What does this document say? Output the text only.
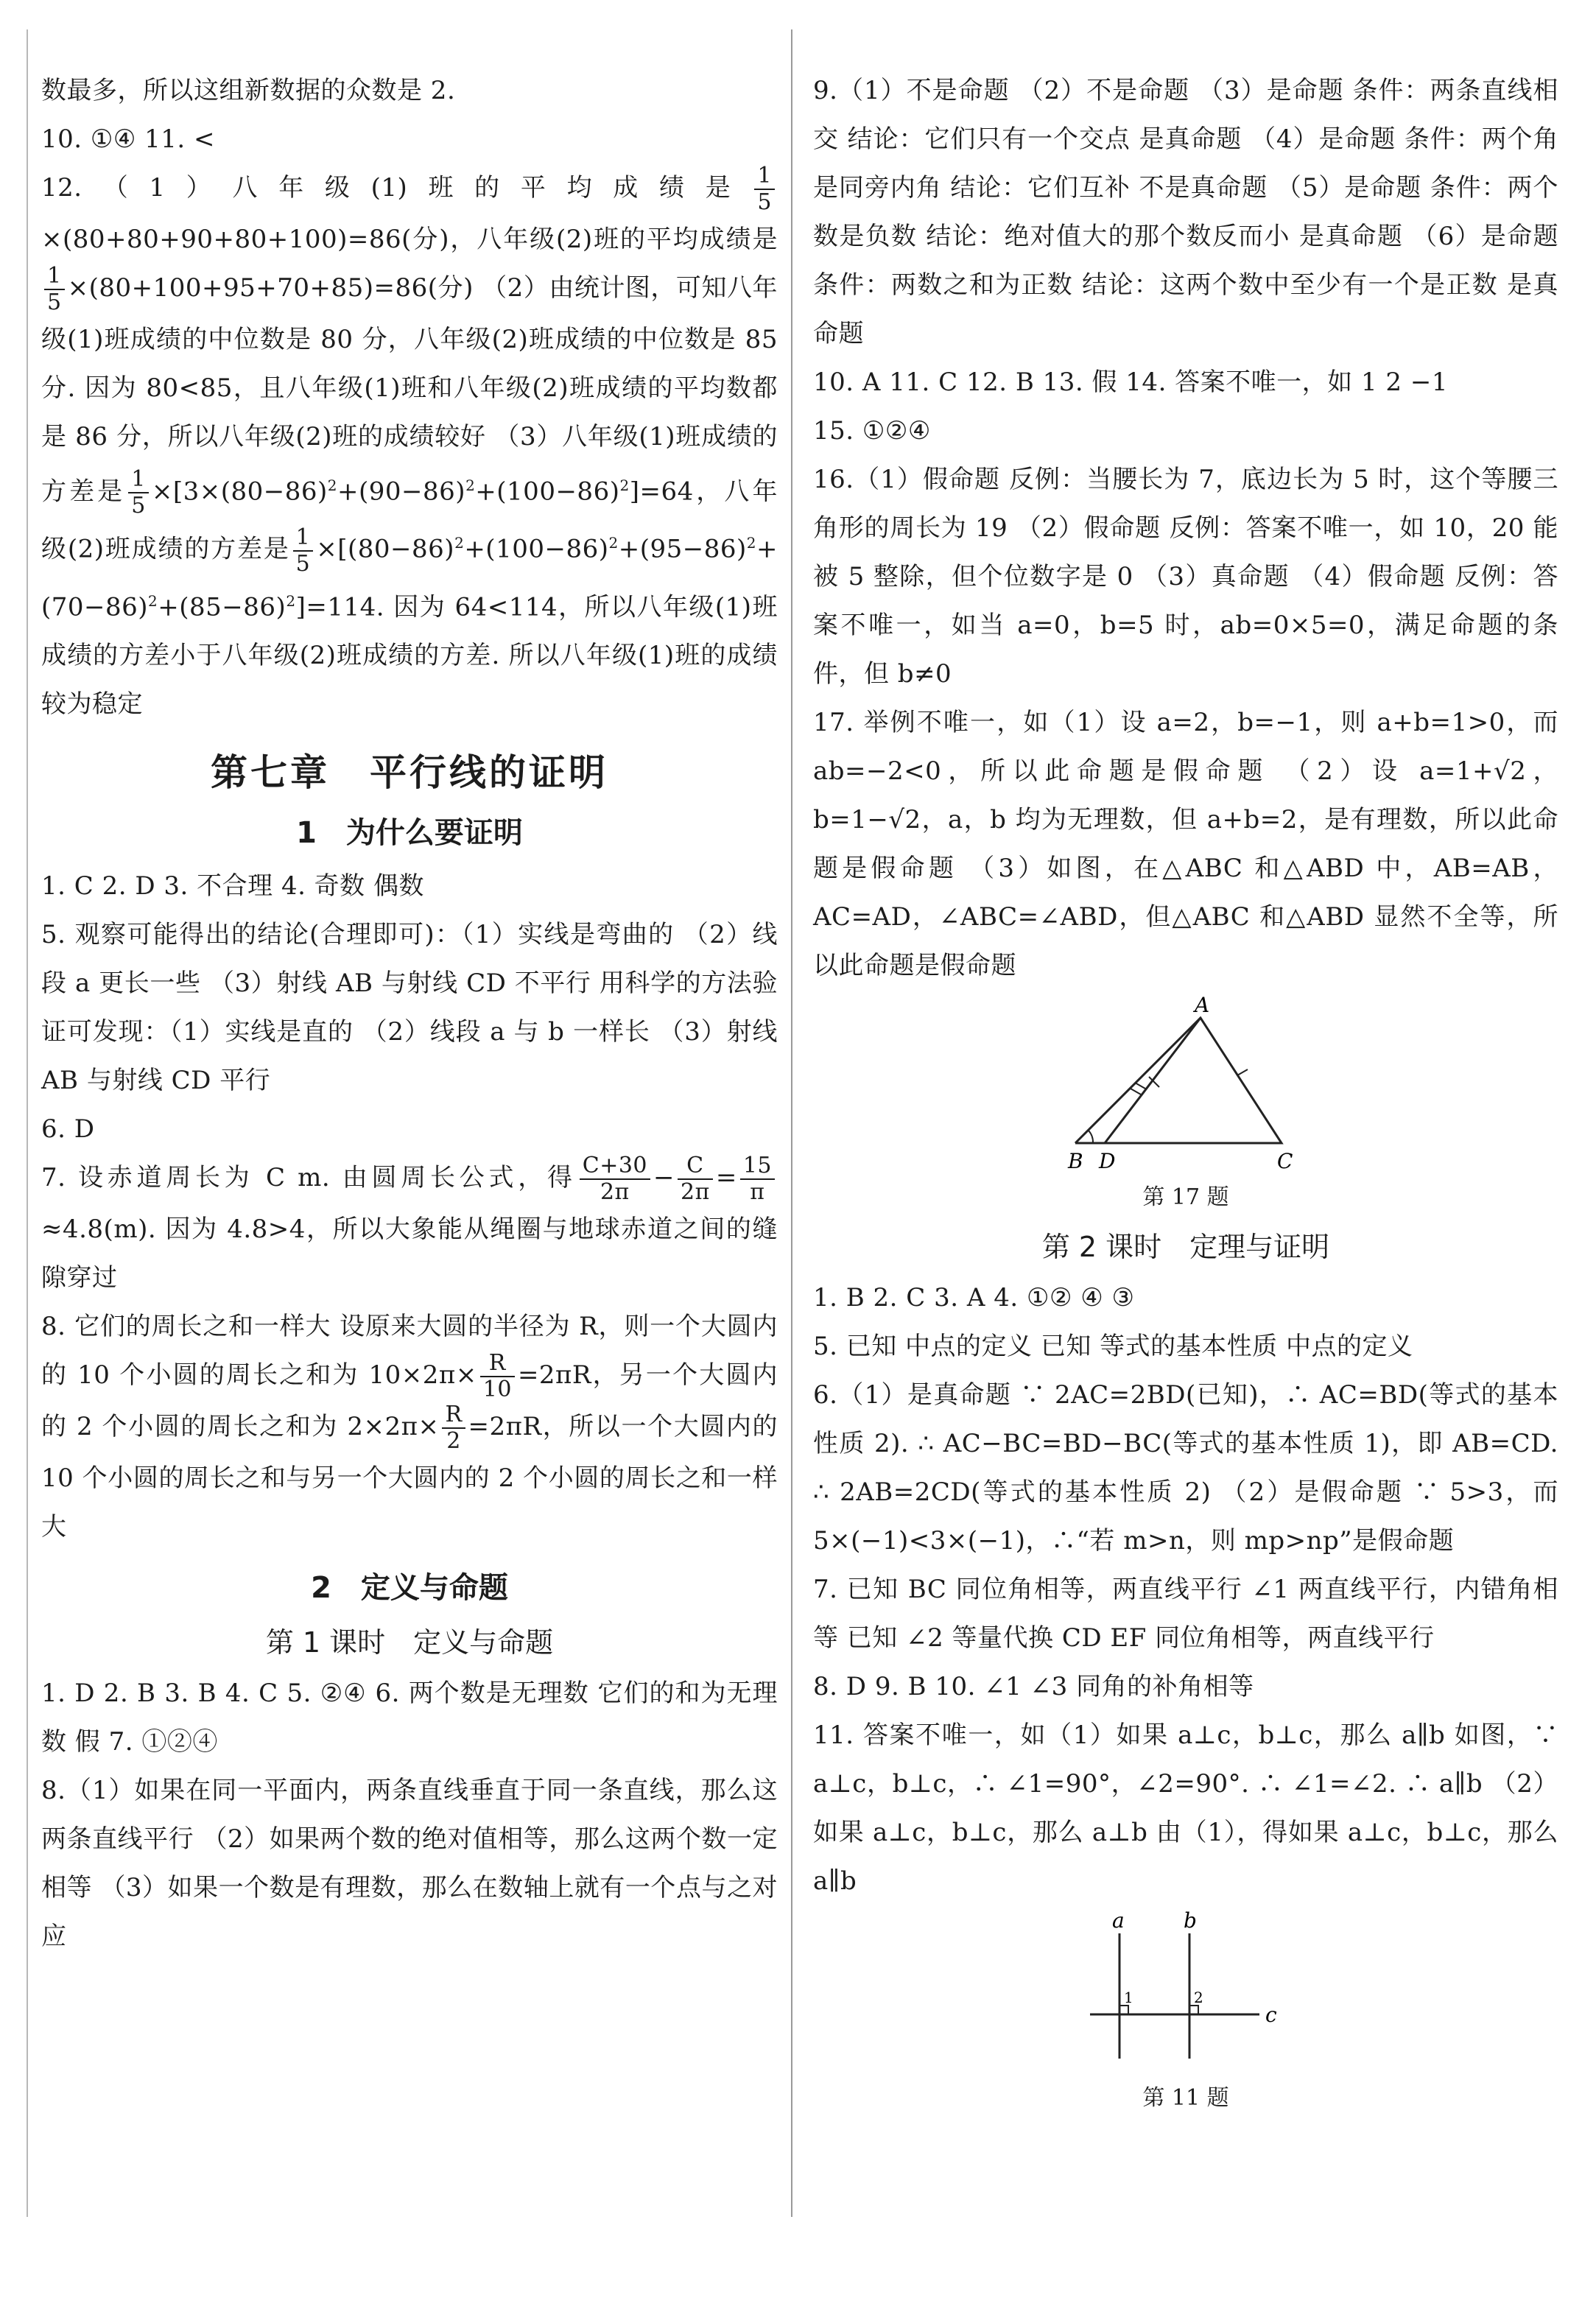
数最多，所以这组新数据的众数是 2.

10. ①④ 11. <

12.（1）八年级(1)班的平均成绩是 $\frac{1}{5}$
×(80+80+90+80+100)=86(分)，八年级(2)班的平均成绩是
$\frac{1}{5} \times(80+100+95+70+85)=86$(分) （2）由统计图，可知八年级(1)班成绩的中位数是 80 分，八年级(2)班成绩的中位数是 85 分. 因为 80<85，且八年级(1)班和八年级(2)班成绩的平均数都是 86 分，所以八年级(2)班的成绩较好 （3）八年级(1)班成绩的方差是 $\frac{1}{5} \times[3\times(80-86)^2+(90-86)^2+(100-86)^2]=64$，八年级(2)班成绩的方差是 $\frac{1}{5} \times[(80-86)^2+(100-86)^2+(95-86)^2+(70-86)^2+(85-86)^2]=114$. 因为 64<114，所以八年级(1)班成绩的方差小于八年级(2)班成绩的方差. 所以八年级(1)班的成绩较为稳定

第七章　平行线的证明
1　为什么要证明

1. C 2. D 3. 不合理 4. 奇数 偶数

5. 观察可能得出的结论(合理即可)：（1）实线是弯曲的 （2）线段 a 更长一些 （3）射线 AB 与射线 CD 不平行 用科学的方法验证可发现：（1）实线是直的 （2）线段 a 与 b 一样长 （3）射线 AB 与射线 CD 平行

6. D

7. 设赤道周长为 C m. 由圆周长公式，得 $\frac{C+30}{2\pi} - \frac{C}{2\pi} = \frac{15}{\pi}$
≈4.8(m). 因为 4.8>4，所以大象能从绳圈与地球赤道之间的缝隙穿过

8. 它们的周长之和一样大 设原来大圆的半径为 R，则一个大圆内的 10 个小圆的周长之和为 $10\times 2\pi\times \frac{R}{10} =2\pi R$，另一个大圆内的 2 个小圆的周长之和为 $2\times 2\pi\times \frac{R}{2} =2\pi R$，所以一个大圆内的 10 个小圆的周长之和与另一个大圆内的 2 个小圆的周长之和一样大

2　定义与命题
第 1 课时　定义与命题

1. D 2. B 3. B 4. C 5. ②④ 6. 两个数是无理数 它们的和为无理数 假 7. ①②④

8.（1）如果在同一平面内，两条直线垂直于同一条直线，那么这两条直线平行 （2）如果两个数的绝对值相等，那么这两个数一定相等 （3）如果一个数是有理数，那么在数轴上就有一个点与之对应

9.（1）不是命题 （2）不是命题 （3）是命题 条件：两条直线相交 结论：它们只有一个交点 是真命题 （4）是命题 条件：两个角是同旁内角 结论：它们互补 不是真命题 （5）是命题 条件：两个数是负数 结论：绝对值大的那个数反而小 是真命题 （6）是命题 条件：两数之和为正数 结论：这两个数中至少有一个是正数 是真命题

10. A 11. C 12. B 13. 假 14. 答案不唯一，如 1 2 −1

15. ①②④

16.（1）假命题 反例：当腰长为 7，底边长为 5 时，这个等腰三角形的周长为 19 （2）假命题 反例：答案不唯一，如 10，20 能被 5 整除，但个位数字是 0 （3）真命题 （4）假命题 反例：答案不唯一，如当 a=0，b=5 时，ab=0×5=0，满足命题的条件，但 b≠0

17. 举例不唯一，如（1）设 a=2，b=−1，则 a+b=1>0，而 ab=−2<0，所以此命题是假命题 （2）设 a=1+√2，b=1−√2，a，b 均为无理数，但 a+b=2，是有理数，所以此命题是假命题 （3）如图，在△ABC 和△ABD 中，AB=AB，AC=AD，∠ABC=∠ABD，但△ABC 和△ABD 显然不全等，所以此命题是假命题

A
B D	C
第 17 题
第 2 课时　定理与证明

1. B 2. C 3. A 4. ①② ④ ③

5. 已知 中点的定义 已知 等式的基本性质 中点的定义

6.（1）是真命题 ∵ 2AC=2BD(已知)，∴ AC=BD(等式的基本性质 2). ∴ AC−BC=BD−BC(等式的基本性质 1)，即 AB=CD. ∴ 2AB=2CD(等式的基本性质 2) （2）是假命题 ∵ 5>3，而 5×(−1)<3×(−1)，∴“若 m>n，则 mp>np”是假命题

7. 已知 BC 同位角相等，两直线平行 ∠1 两直线平行，内错角相等 已知 ∠2 等量代换 CD EF 同位角相等，两直线平行

8. D 9. B 10. ∠1 ∠3 同角的补角相等

11. 答案不唯一，如（1）如果 a⊥c，b⊥c，那么 a∥b 如图，∵ a⊥c，b⊥c，∴ ∠1=90°，∠2=90°. ∴ ∠1=∠2. ∴ a∥b （2）如果 a⊥c，b⊥c，那么 a⊥b 由（1），得如果 a⊥c，b⊥c，那么 a∥b

a	b
c
1	2
第 11 题
